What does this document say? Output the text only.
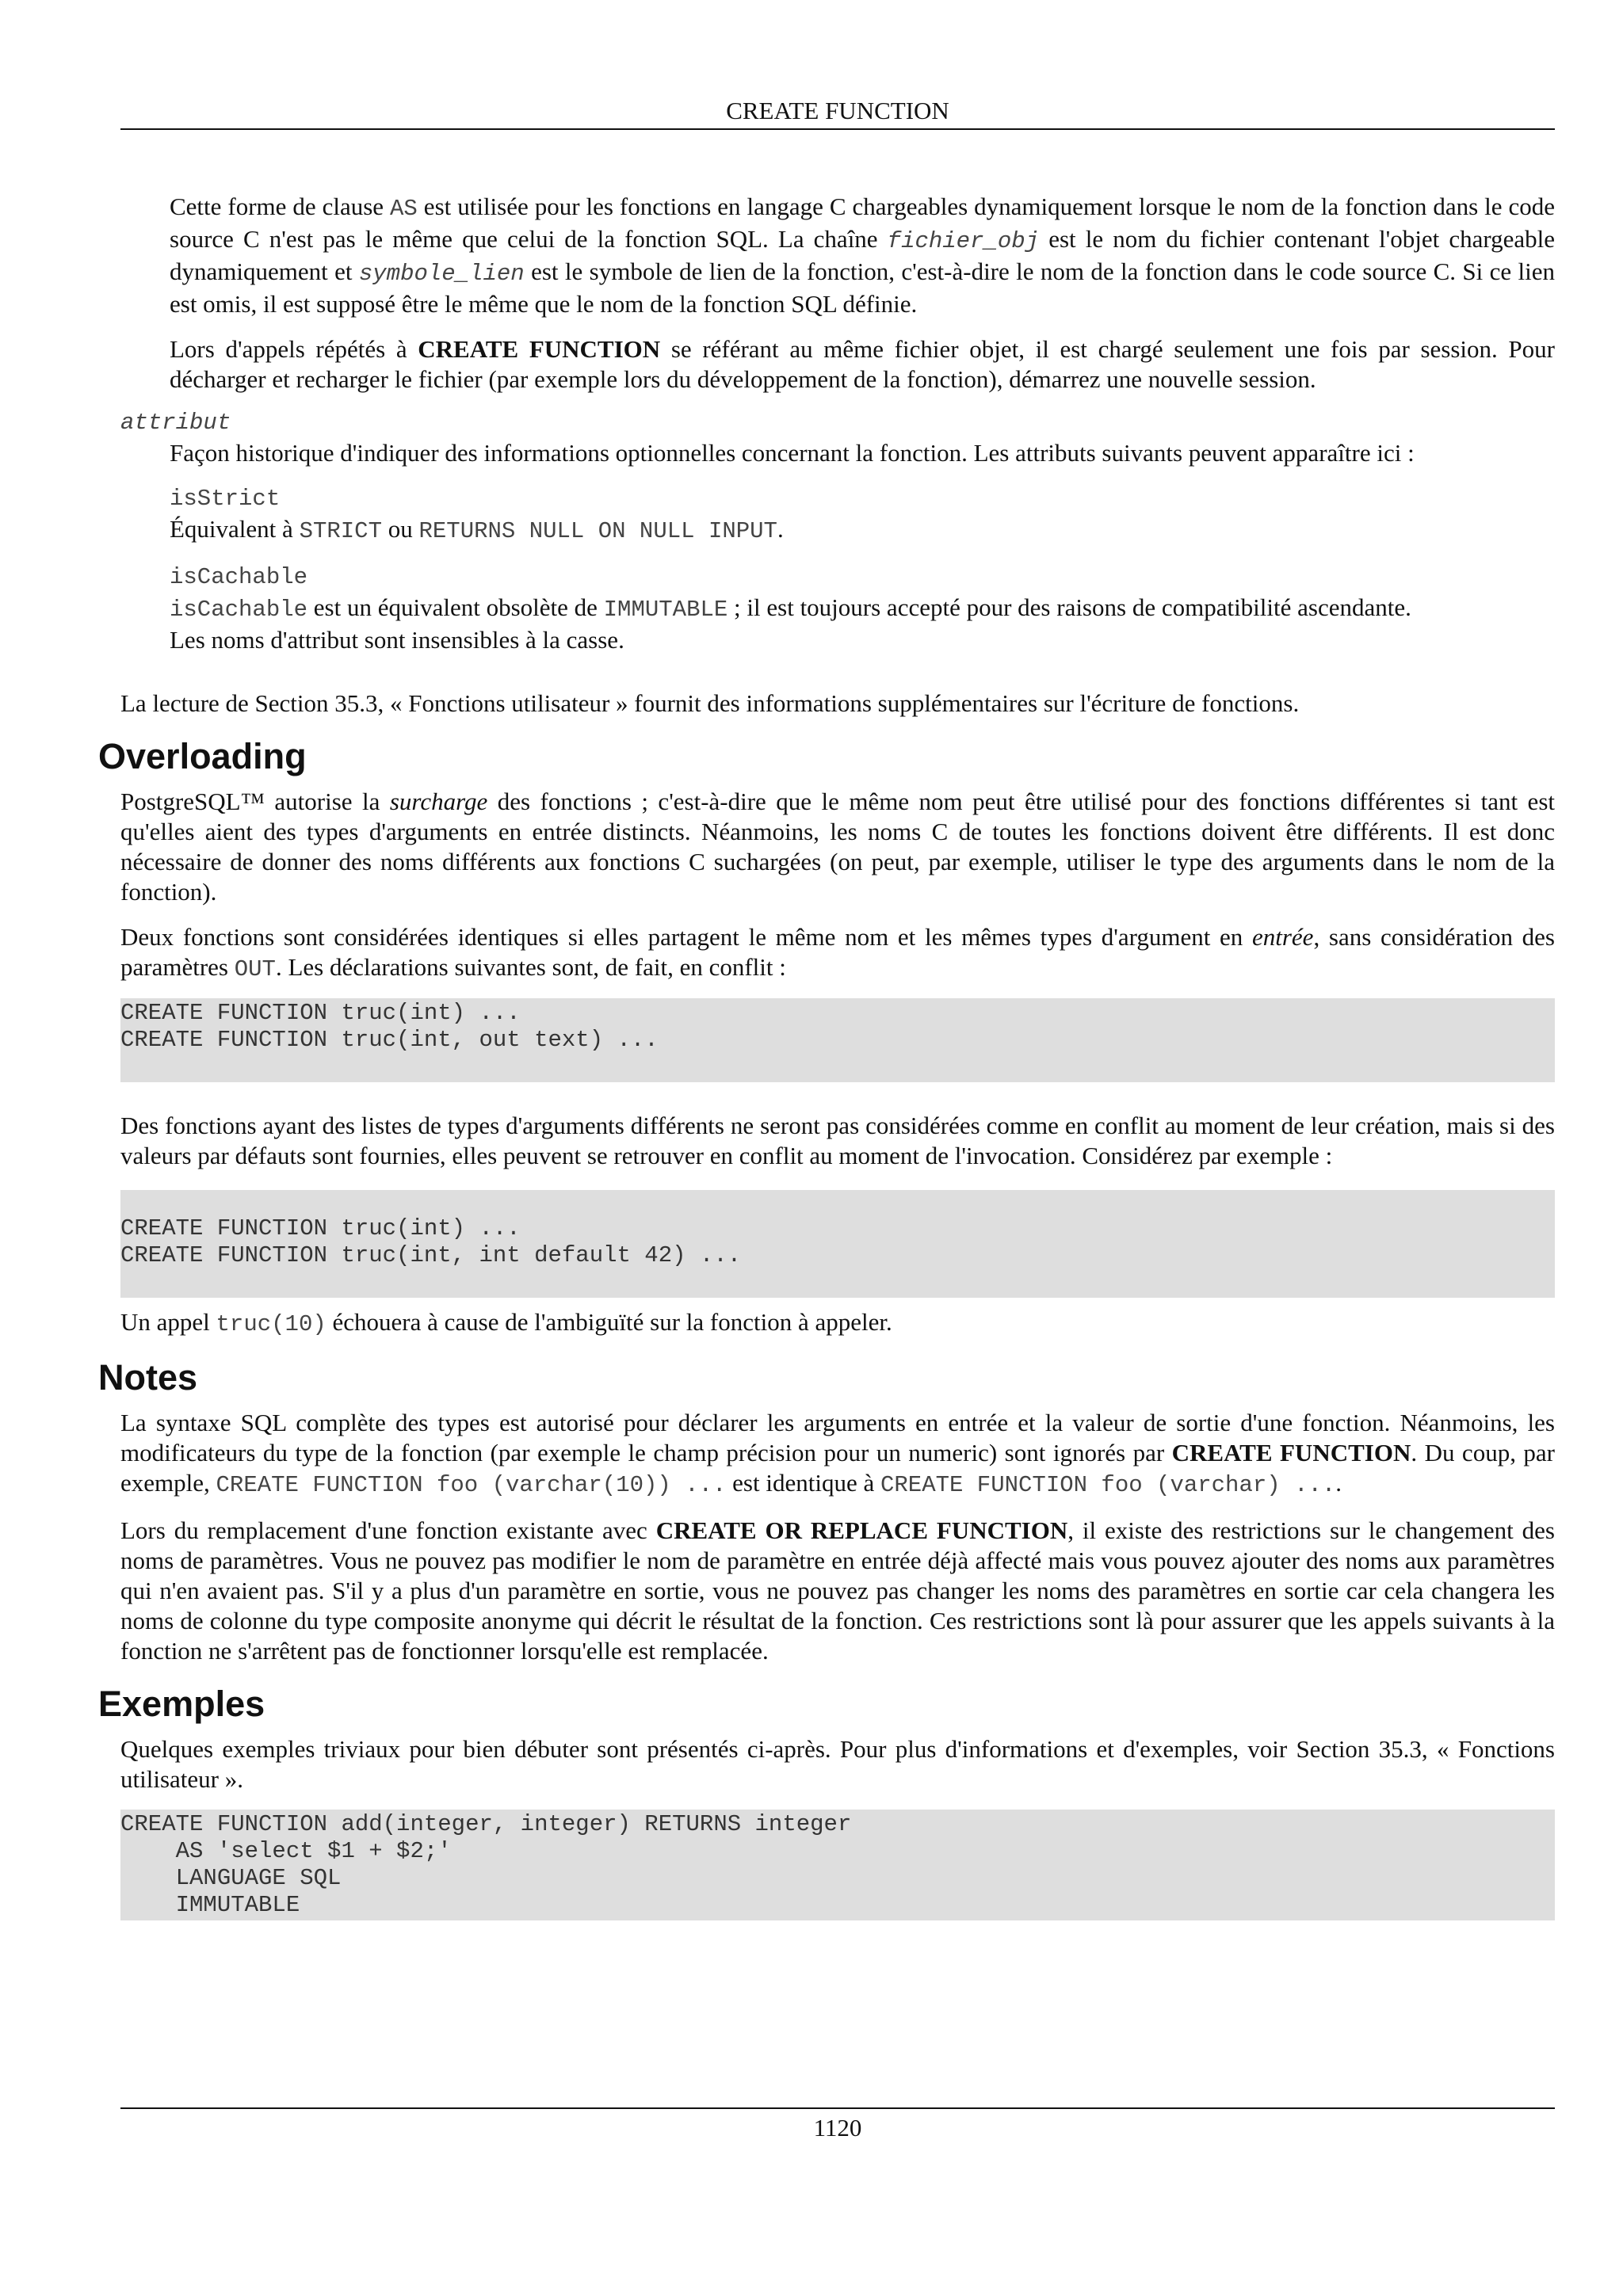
CREATE FUNCTION

Cette forme de clause AS est utilisée pour les fonctions en langage C chargeables dynamiquement lorsque le nom de la fonction dans le code source C n'est pas le même que celui de la fonction SQL. La chaîne fichier_obj est le nom du fichier contenant l'objet chargeable dynamiquement et symbole_lien est le symbole de lien de la fonction, c'est-à-dire le nom de la fonction dans le code source C. Si ce lien est omis, il est supposé être le même que le nom de la fonction SQL définie.

Lors d'appels répétés à CREATE FUNCTION se référant au même fichier objet, il est chargé seulement une fois par session. Pour décharger et recharger le fichier (par exemple lors du développement de la fonction), démarrez une nouvelle session.

attribut

Façon historique d'indiquer des informations optionnelles concernant la fonction. Les attributs suivants peuvent apparaître ici :

isStrict

Équivalent à STRICT ou RETURNS NULL ON NULL INPUT.

isCachable

isCachable est un équivalent obsolète de IMMUTABLE ; il est toujours accepté pour des raisons de compatibilité ascendante.

Les noms d'attribut sont insensibles à la casse.

La lecture de Section 35.3, « Fonctions utilisateur » fournit des informations supplémentaires sur l'écriture de fonctions.

Overloading

PostgreSQL™ autorise la surcharge des fonctions ; c'est-à-dire que le même nom peut être utilisé pour des fonctions différentes si tant est qu'elles aient des types d'arguments en entrée distincts. Néanmoins, les noms C de toutes les fonctions doivent être différents. Il est donc nécessaire de donner des noms différents aux fonctions C suchargées (on peut, par exemple, utiliser le type des arguments dans le nom de la fonction).

Deux fonctions sont considérées identiques si elles partagent le même nom et les mêmes types d'argument en entrée, sans considération des paramètres OUT. Les déclarations suivantes sont, de fait, en conflit :

CREATE FUNCTION truc(int) ...
CREATE FUNCTION truc(int, out text) ...

Des fonctions ayant des listes de types d'arguments différents ne seront pas considérées comme en conflit au moment de leur création, mais si des valeurs par défauts sont fournies, elles peuvent se retrouver en conflit au moment de l'invocation. Considérez par exemple :

CREATE FUNCTION truc(int) ...
CREATE FUNCTION truc(int, int default 42) ...

Un appel truc(10) échouera à cause de l'ambiguïté sur la fonction à appeler.

Notes

La syntaxe SQL complète des types est autorisé pour déclarer les arguments en entrée et la valeur de sortie d'une fonction. Néanmoins, les modificateurs du type de la fonction (par exemple le champ précision pour un numeric) sont ignorés par CREATE FUNCTION. Du coup, par exemple, CREATE FUNCTION foo (varchar(10)) ... est identique à CREATE FUNCTION foo (varchar) ....

Lors du remplacement d'une fonction existante avec CREATE OR REPLACE FUNCTION, il existe des restrictions sur le changement des noms de paramètres. Vous ne pouvez pas modifier le nom de paramètre en entrée déjà affecté mais vous pouvez ajouter des noms aux paramètres qui n'en avaient pas. S'il y a plus d'un paramètre en sortie, vous ne pouvez pas changer les noms des paramètres en sortie car cela changera les noms de colonne du type composite anonyme qui décrit le résultat de la fonction. Ces restrictions sont là pour assurer que les appels suivants à la fonction ne s'arrêtent pas de fonctionner lorsqu'elle est remplacée.

Exemples

Quelques exemples triviaux pour bien débuter sont présentés ci-après. Pour plus d'informations et d'exemples, voir Section 35.3, « Fonctions utilisateur ».

CREATE FUNCTION add(integer, integer) RETURNS integer
AS 'select $1 + $2;'
LANGUAGE SQL
IMMUTABLE
1120
